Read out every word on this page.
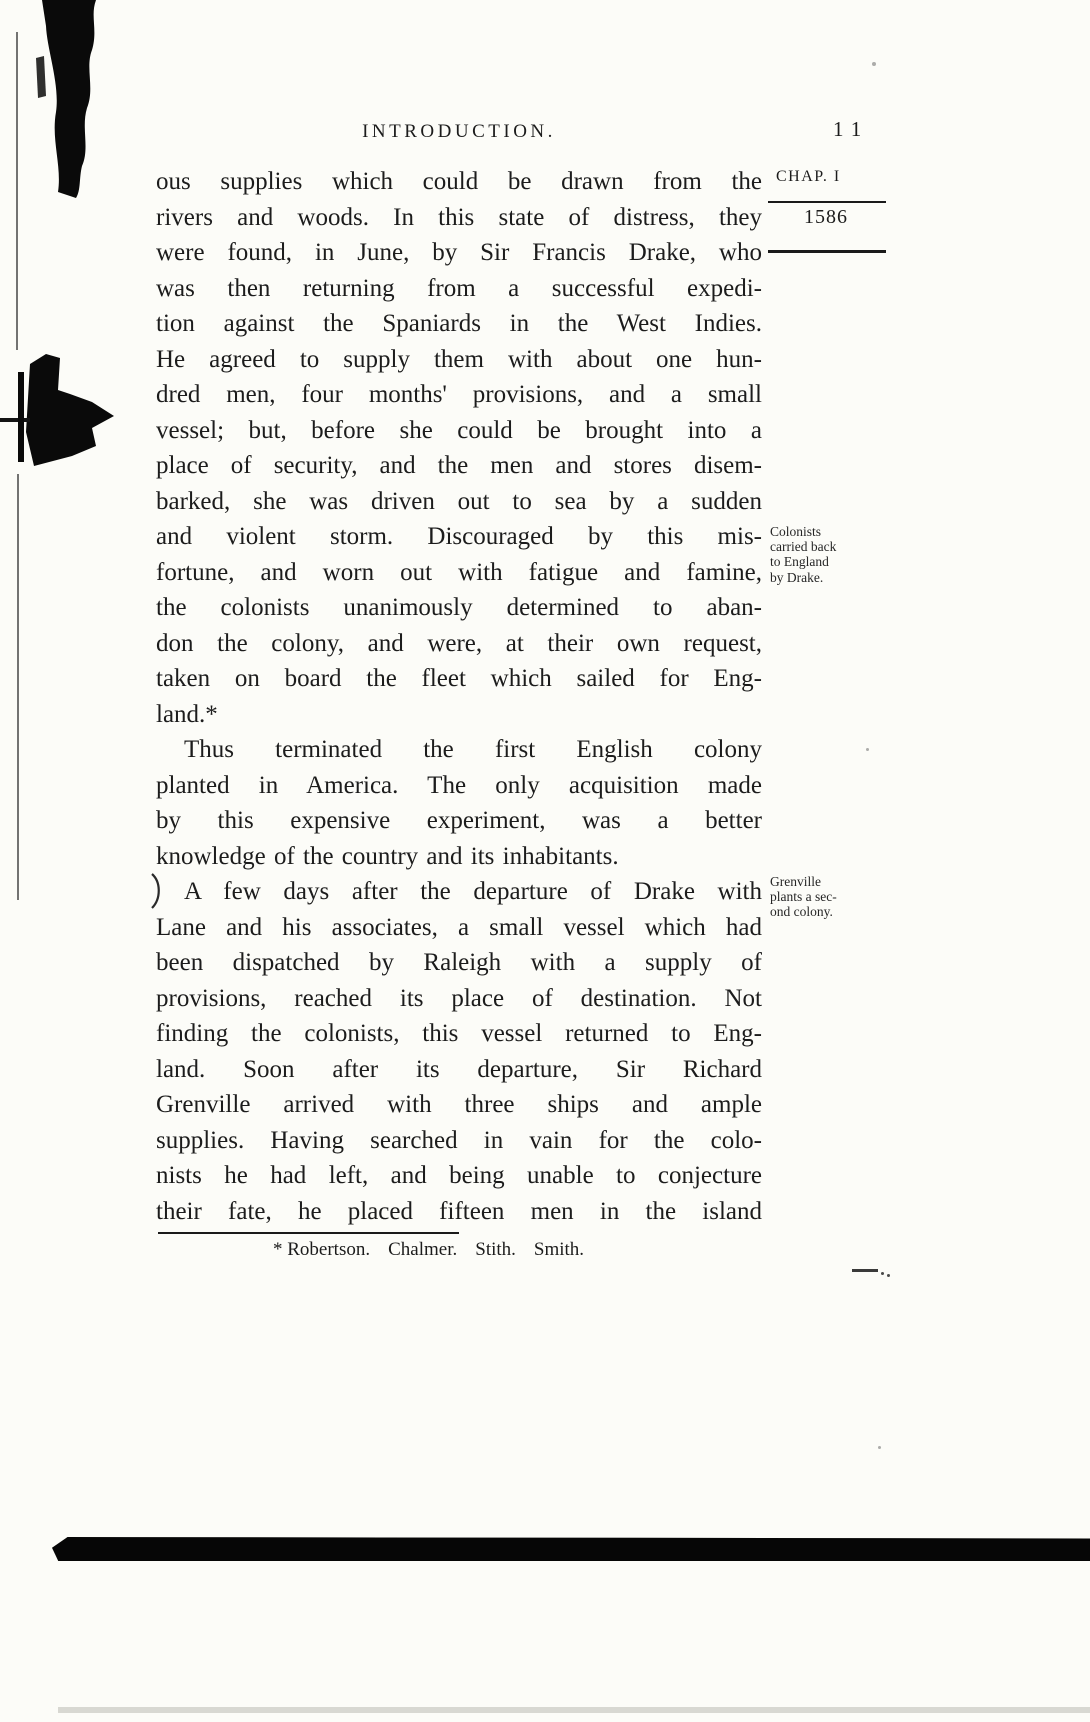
INTRODUCTION.	11
CHAP. I
1586
Colonists
carried back
to England
by Drake.
Grenville
plants a sec-
ond colony.
ous supplies which could be drawn from the
rivers and woods. In this state of distress, they
were found, in June, by Sir Francis Drake, who
was then returning from a successful expedi-
tion against the Spaniards in the West Indies.
He agreed to supply them with about one hun-
dred men, four months' provisions, and a small
vessel; but, before she could be brought into a
place of security, and the men and stores disem-
barked, she was driven out to sea by a sudden
and violent storm. Discouraged by this mis-
fortune, and worn out with fatigue and famine,
the colonists unanimously determined to aban-
don the colony, and were, at their own request,
taken on board the fleet which sailed for Eng-
land.*
Thus terminated the first English colony
planted in America. The only acquisition made
by this expensive experiment, was a better
knowledge of the country and its inhabitants.
A few days after the departure of Drake with
Lane and his associates, a small vessel which had
been dispatched by Raleigh with a supply of
provisions, reached its place of destination. Not
finding the colonists, this vessel returned to Eng-
land. Soon after its departure, Sir Richard
Grenville arrived with three ships and ample
supplies. Having searched in vain for the colo-
nists he had left, and being unable to conjecture
their fate, he placed fifteen men in the island
* Robertson. Chalmer. Stith. Smith.
